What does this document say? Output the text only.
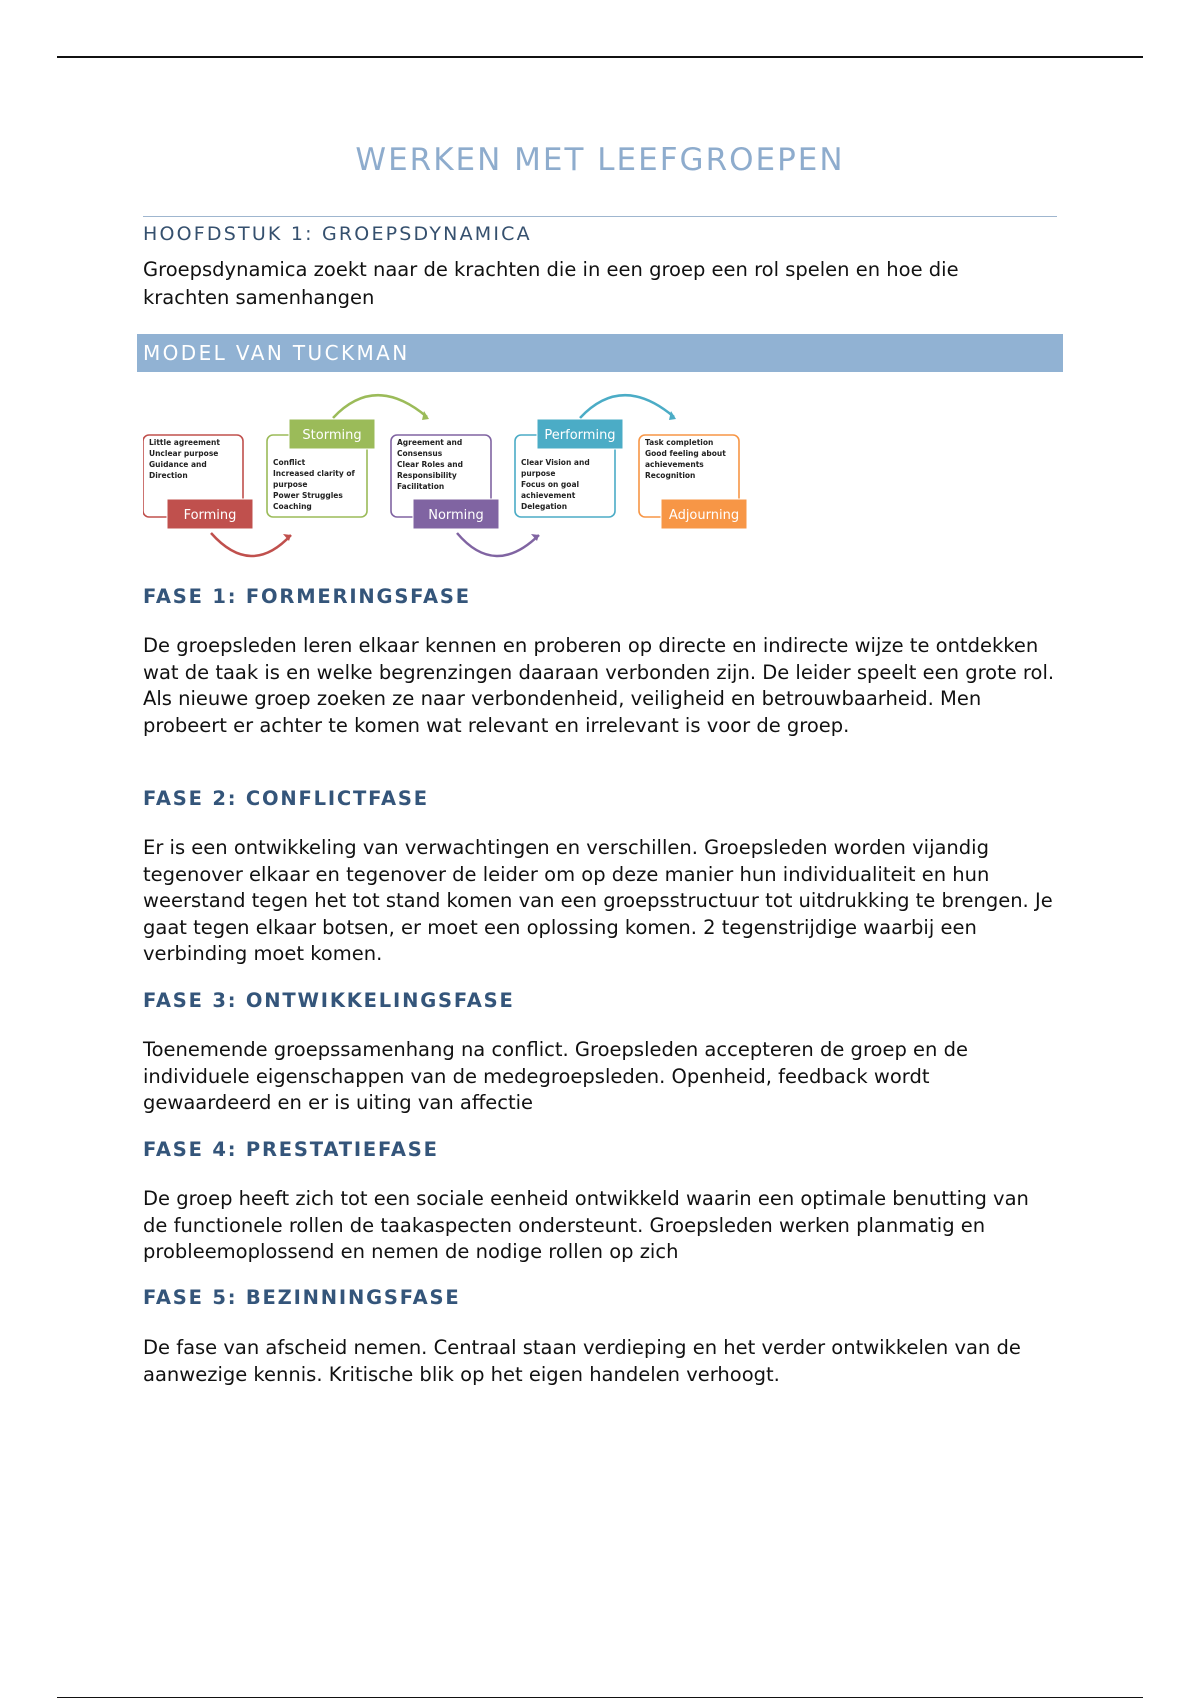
WERKEN MET LEEFGROEPEN
HOOFDSTUK 1: GROEPSDYNAMICA

Groepsdynamica zoekt naar de krachten die in een groep een rol spelen en hoe die krachten samenhangen

MODEL VAN TUCKMAN
Little agreement
Unclear purpose
Guidance and
Direction
Forming
Conflict
Increased clarity of
purpose
Power Struggles
Coaching
Storming	Agreement and
Consensus
Clear Roles and
Responsibility
Facilitation
Norming
Clear Vision and
purpose
Focus on goal
achievement
Delegation
Performing	Task completion
Good feeling about
achievements
Recognition
Adjourning
FASE 1: FORMERINGSFASE

De groepsleden leren elkaar kennen en proberen op directe en indirecte wijze te ontdekken wat de taak is en welke begrenzingen daaraan verbonden zijn. De leider speelt een grote rol. Als nieuwe groep zoeken ze naar verbondenheid, veiligheid en betrouwbaarheid. Men probeert er achter te komen wat relevant en irrelevant is voor de groep.

FASE 2: CONFLICTFASE

Er is een ontwikkeling van verwachtingen en verschillen. Groepsleden worden vijandig tegenover elkaar en tegenover de leider om op deze manier hun individualiteit en hun weerstand tegen het tot stand komen van een groepsstructuur tot uitdrukking te brengen. Je gaat tegen elkaar botsen, er moet een oplossing komen. 2 tegenstrijdige waarbij een verbinding moet komen.

FASE 3: ONTWIKKELINGSFASE

Toenemende groepssamenhang na conflict. Groepsleden accepteren de groep en de individuele eigenschappen van de medegroepsleden. Openheid, feedback wordt gewaardeerd en er is uiting van affectie

FASE 4: PRESTATIEFASE

De groep heeft zich tot een sociale eenheid ontwikkeld waarin een optimale benutting van de functionele rollen de taakaspecten ondersteunt. Groepsleden werken planmatig en probleemoplossend en nemen de nodige rollen op zich

FASE 5: BEZINNINGSFASE

De fase van afscheid nemen. Centraal staan verdieping en het verder ontwikkelen van de aanwezige kennis. Kritische blik op het eigen handelen verhoogt.
